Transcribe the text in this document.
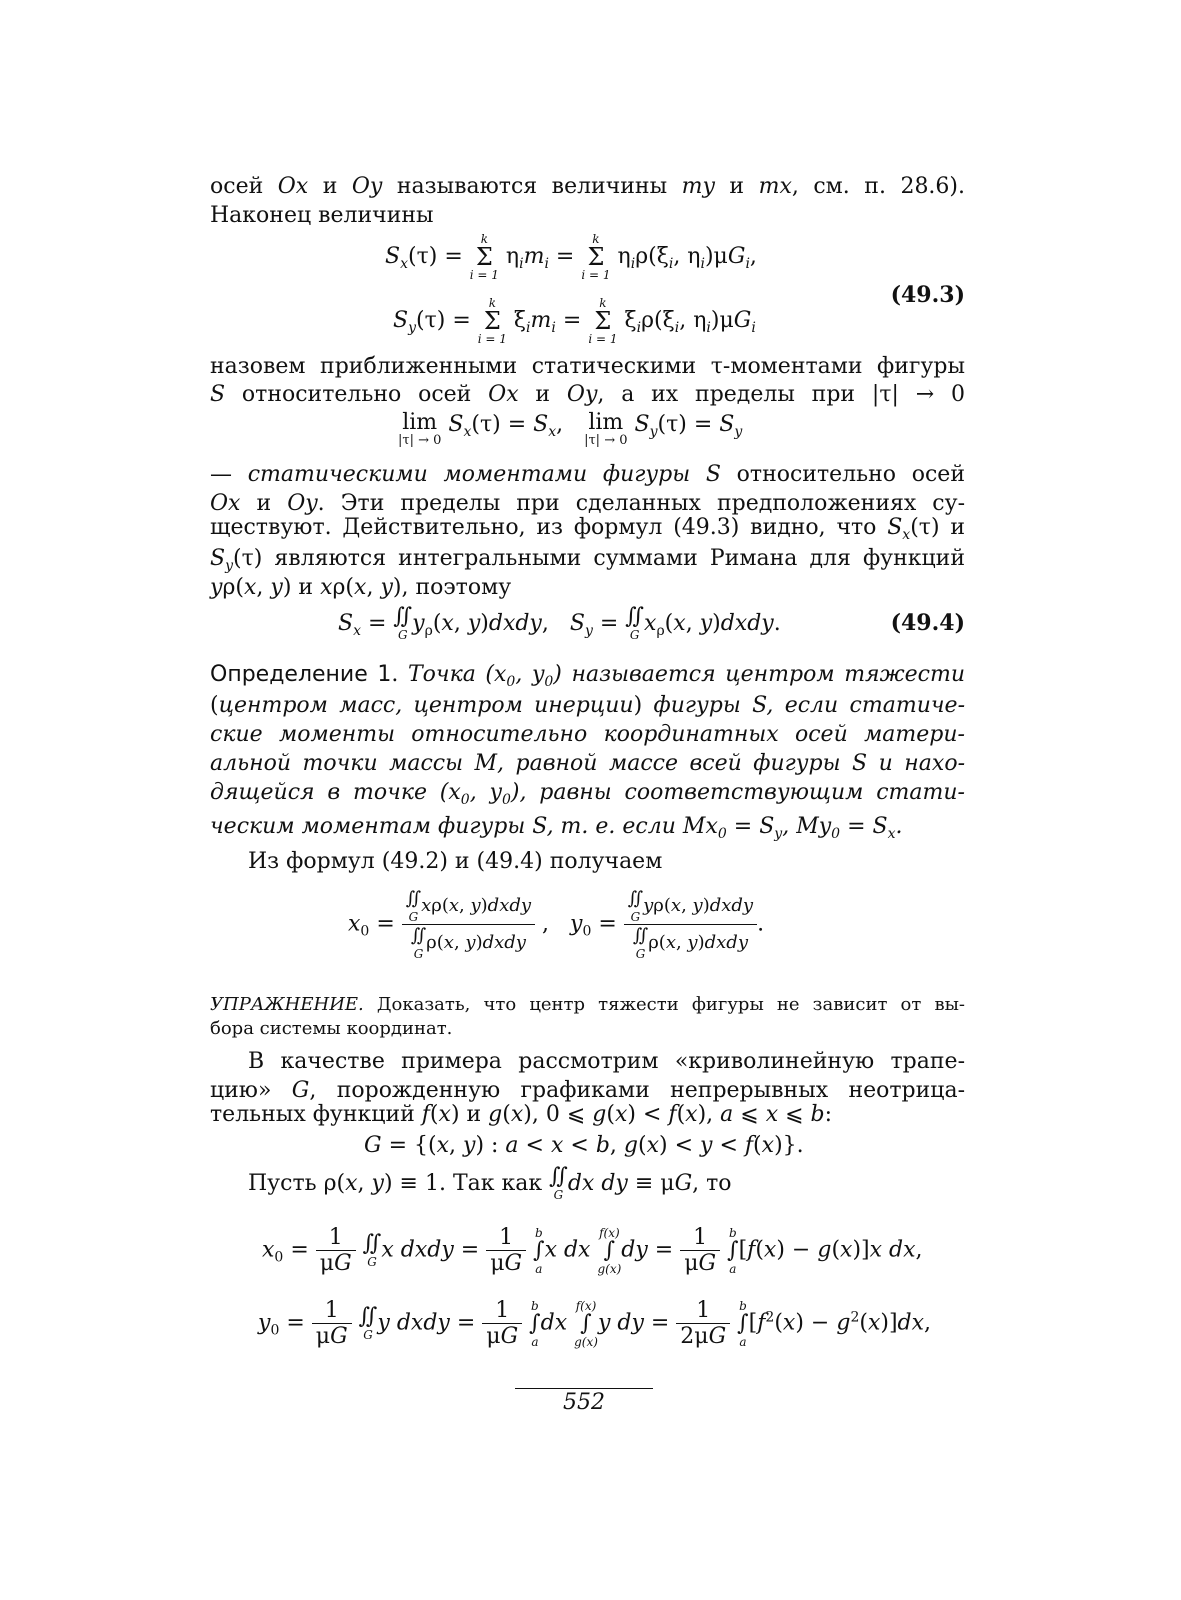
осей Ox и Oy называются величины my и mx, см. п. 28.6).
Наконец величины
$S_x(\tau)$ =
k
Σ
i = 1
$\eta_im_i$ =
k
Σ
i = 1
$\eta_i\rho(\xi_i$, $\eta_i)\mu G_i$,
(49.3)
$S_y(\tau)$ =
k
Σ
i = 1
$\xi_im_i$ =
k
Σ
i = 1
$\xi_i\rho(\xi_i$, $\eta_i)\mu G_i$
назовем приближенными статическими τ-моментами фигуры
S относительно осей Ox и Oy, а их пределы при |τ| → 0
lim
|τ| → 0
$S_x(\tau) = S_x$,   lim
|τ| → 0
$S_y(\tau) = S_y$
— статическими моментами фигуры S относительно осей
Ox и Oy. Эти пределы при сделанных предположениях су-
ществуют. Действительно, из формул (49.3) видно, что $S_x(\tau)$ и
$S_y(\tau)$ являются интегральными суммами Римана для функций
yρ(x, y) и xρ(x, y), поэтому
$S_x$ = ∬
G $y_\rho(x$, y)dxdy,   $S_y$ = ∬
G $x_\rho(x$, y)dxdy.	(49.4)
Определение 1. Точка ($x_0$, $y_0$) называется центром тяжести
(центром масс, центром инерции) фигуры S, если статиче-
ские моменты относительно координатных осей матери-
альной точки массы M, равной массе всей фигуры S и нахо-
дящейся в точке ($x_0$, $y_0$), равны соответствующим стати-
ческим моментам фигуры S, т. е. если $Mx_0 = S_y$, $My_0 = S_x$.
Из формул (49.2) и (49.4) получаем
$x_0$ = ∬
G
xρ(x, y)dxdy
∬
G
ρ(x, y)dxdy ,   $y_0$ = ∬
G
yρ(x, y)dxdy
∬
G
ρ(x, y)dxdy .
УПРАЖНЕНИЕ. Доказать, что центр тяжести фигуры не зависит от вы-
бора системы координат.
В качестве примера рассмотрим «криволинейную трапе-
цию» G, порожденную графиками непрерывных неотрица-
тельных функций f(x) и g(x), 0 ⩽ g(x) < f(x), a ⩽ x ⩽ b:
G = {(x, y) : a < x < b, g(x) < y < f(x)}.
Пусть ρ(x, y) ≡ 1. Так как ∬
G dx dy ≡ μG, то
$x_0 = \frac{1}{\mu G}$
∬
G x dxdy = $\frac{1}{\mu G}$
b
∫
a
x dx
f(x)
∫
g(x)
dy = $\frac{1}{\mu G}$
b
∫
a
[f(x) − g(x)]x dx,
$y_0 = \frac{1}{\mu G}$
∬
G y dxdy = $\frac{1}{\mu G}$
b
∫
a
dx
f(x)
∫
g(x)
y dy = $\frac{1}{2\mu G}$
b
∫
a
$[f^2(x) - g^2(x)]dx$,
552
